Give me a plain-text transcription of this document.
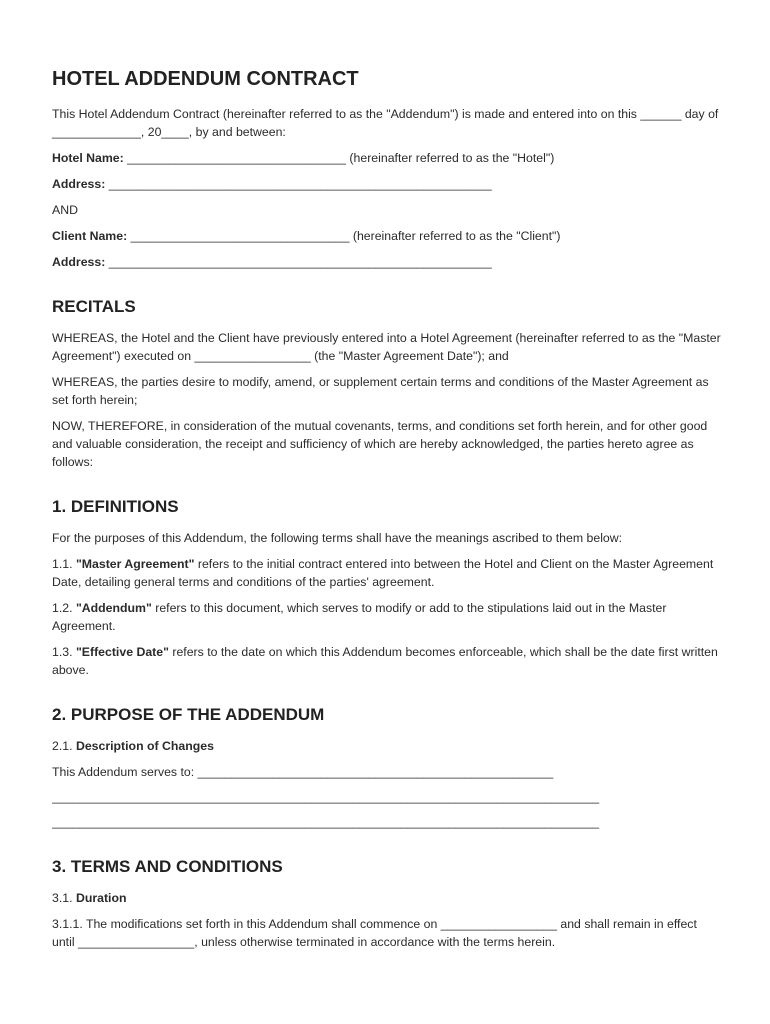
HOTEL ADDENDUM CONTRACT

This Hotel Addendum Contract (hereinafter referred to as the "Addendum") is made and entered into on this ______ day of _____________, 20____, by and between:

Hotel Name: ________________________________ (hereinafter referred to as the "Hotel")

Address: ________________________________________________________

AND

Client Name: ________________________________ (hereinafter referred to as the "Client")

Address: ________________________________________________________

RECITALS

WHEREAS, the Hotel and the Client have previously entered into a Hotel Agreement (hereinafter referred to as the "Master Agreement") executed on _________________ (the "Master Agreement Date"); and

WHEREAS, the parties desire to modify, amend, or supplement certain terms and conditions of the Master Agreement as set forth herein;

NOW, THEREFORE, in consideration of the mutual covenants, terms, and conditions set forth herein, and for other good and valuable consideration, the receipt and sufficiency of which are hereby acknowledged, the parties hereto agree as follows:

1. DEFINITIONS

For the purposes of this Addendum, the following terms shall have the meanings ascribed to them below:

1.1. "Master Agreement" refers to the initial contract entered into between the Hotel and Client on the Master Agreement Date, detailing general terms and conditions of the parties' agreement.

1.2. "Addendum" refers to this document, which serves to modify or add to the stipulations laid out in the Master Agreement.

1.3. "Effective Date" refers to the date on which this Addendum becomes enforceable, which shall be the date first written above.

2. PURPOSE OF THE ADDENDUM

2.1. Description of Changes

This Addendum serves to: ____________________________________________________

________________________________________________________________________________
________________________________________________________________________________
3. TERMS AND CONDITIONS

3.1. Duration

3.1.1. The modifications set forth in this Addendum shall commence on _________________ and shall remain in effect until _________________, unless otherwise terminated in accordance with the terms herein.
